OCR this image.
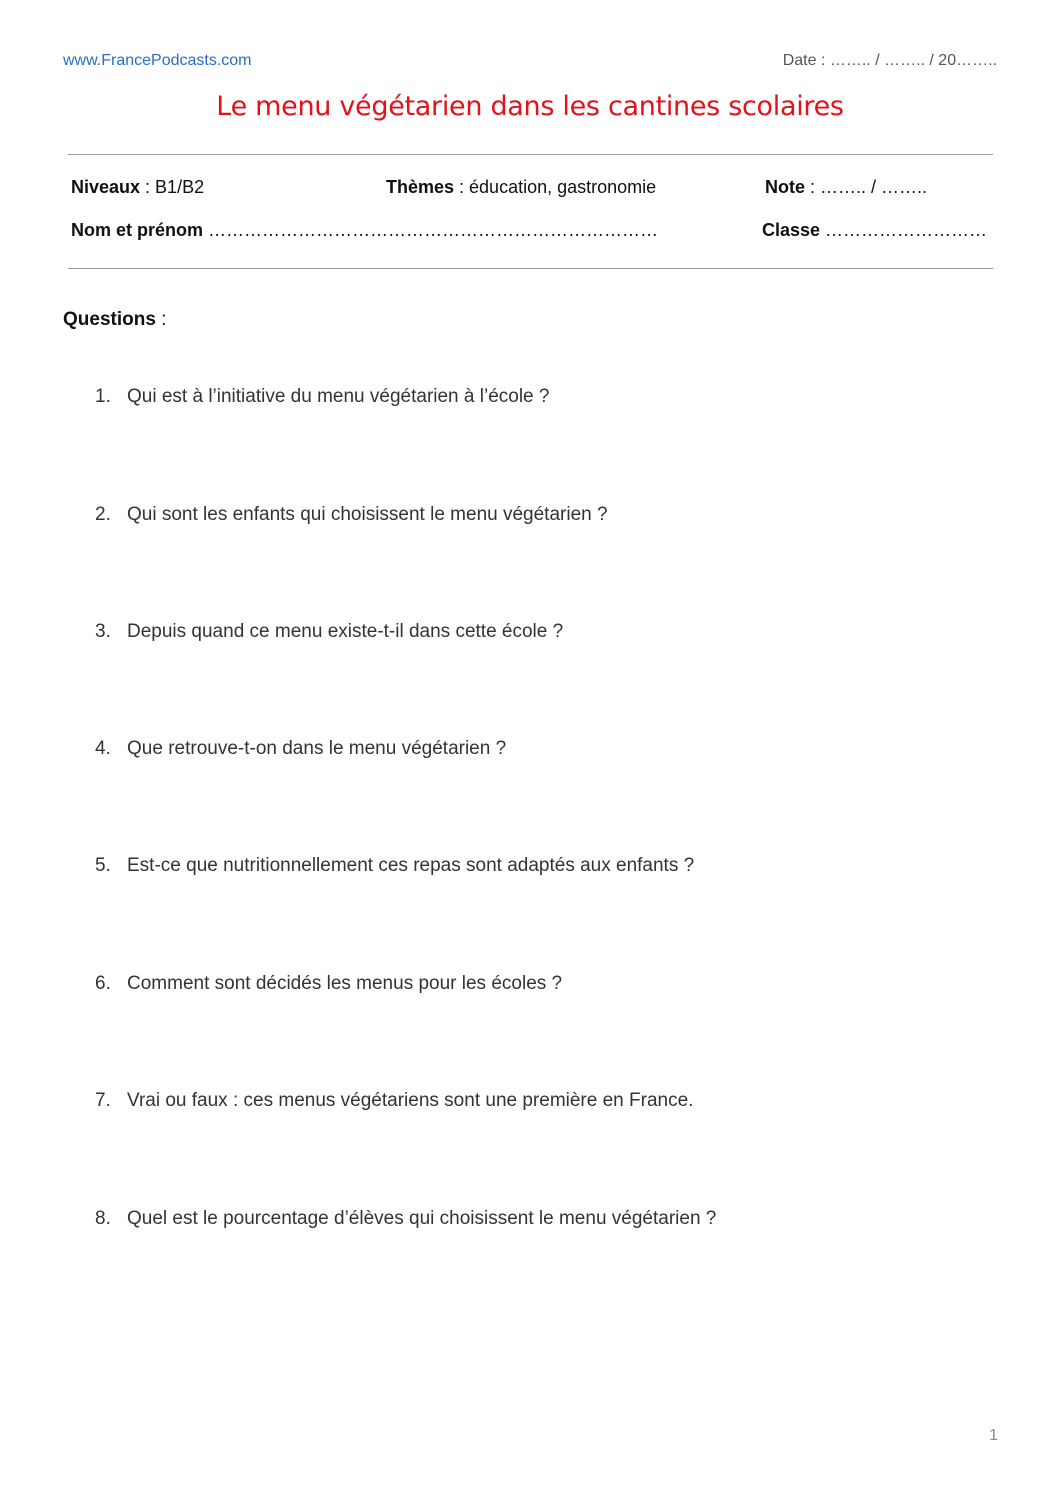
www.FrancePodcasts.com	Date : …….. / …….. / 20……..
Le menu végétarien dans les cantines scolaires
Niveaux : B1/B2	Thèmes : éducation, gastronomie	Note : …….. / ……..
Nom et prénom …………………………………………………………………	Classe ………………………
Questions :
1. Qui est à l’initiative du menu végétarien à l’école ?
2. Qui sont les enfants qui choisissent le menu végétarien ?
3. Depuis quand ce menu existe-t-il dans cette école ?
4. Que retrouve-t-on dans le menu végétarien ?
5. Est-ce que nutritionnellement ces repas sont adaptés aux enfants ?
6. Comment sont décidés les menus pour les écoles ?
7. Vrai ou faux : ces menus végétariens sont une première en France.
8. Quel est le pourcentage d’élèves qui choisissent le menu végétarien ?
1
